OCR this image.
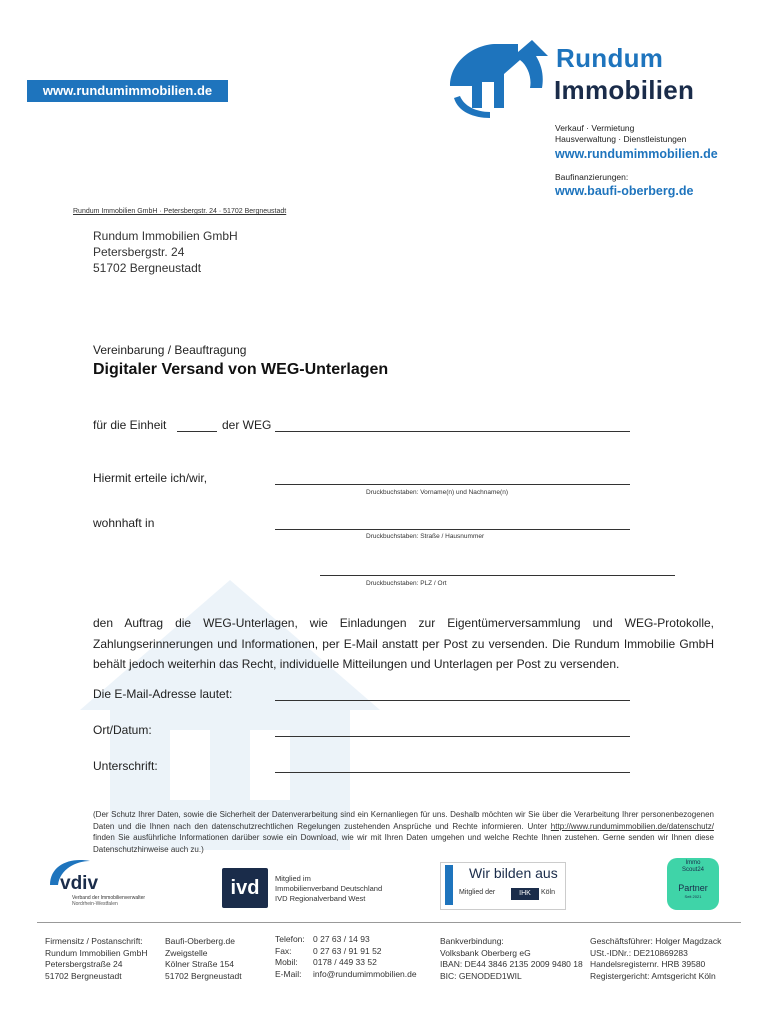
www.rundumimmobilien.de
Rundum
Immobilien
Verkauf · Vermietung
Hausverwaltung · Dienstleistungen
www.rundumimmobilien.de
Baufinanzierungen:
www.baufi-oberberg.de
Rundum Immobilien GmbH · Petersbergstr. 24 · 51702 Bergneustadt
Rundum Immobilien GmbH
Petersbergstr. 24
51702 Bergneustadt
Vereinbarung / Beauftragung
Digitaler Versand von WEG-Unterlagen
für die Einheit	der WEG
Hiermit erteile ich/wir,
Druckbuchstaben: Vorname(n) und Nachname(n)
wohnhaft in
Druckbuchstaben: Straße / Hausnummer
Druckbuchstaben: PLZ / Ort
den Auftrag die WEG-Unterlagen, wie Einladungen zur Eigentümerversammlung und WEG-Protokolle, Zahlungserinnerungen und Informationen, per E-Mail anstatt per Post zu versenden. Die Rundum Immobilie GmbH behält jedoch weiterhin das Recht, individuelle Mitteilungen und Unterlagen per Post zu versenden.
Die E-Mail-Adresse lautet:
Ort/Datum:
Unterschrift:
(Der Schutz Ihrer Daten, sowie die Sicherheit der Datenverarbeitung sind ein Kernanliegen für uns. Deshalb möchten wir Sie über die Verarbeitung Ihrer personenbezogenen Daten und die Ihnen nach den datenschutzrechtlichen Regelungen zustehenden Ansprüche und Rechte informieren. Unter http://www.rundumimmobilien.de/datenschutz/ finden Sie ausführliche Informationen darüber sowie ein Download, wie wir mit Ihren Daten umgehen und welche Rechte Ihnen zustehen. Gerne senden wir Ihnen diese Datenschutzhinweise auch zu.)
vdiv
Verband der Immobilienverwalter
Nordrhein-Westfalen
ivd	Mitglied im
Immobilienverband Deutschland
IVD Regionalverband West
Wir bilden aus
Mitglied der	IHK	Köln
Immo
Scout24
Partner
Seit 2021
Firmensitz / Postanschrift:
Rundum Immobilien GmbH
Petersbergstraße 24
51702 Bergneustadt
Baufi-Oberberg.de
Zweigstelle
Kölner Straße 154
51702 Bergneustadt
Telefon: 0 27 63 / 14 93
Fax:	0 27 63 / 91 91 52
Mobil:	0178 / 449 33 52
E-Mail:	info@rundumimmobilien.de
Bankverbindung:
Volksbank Oberberg eG
IBAN: DE44 3846 2135 2009 9480 18
BIC: GENODED1WIL
Geschäftsführer: Holger Magdzack
USt.-IDNr.: DE210869283
Handelsregisternr. HRB 39580
Registergericht: Amtsgericht Köln
